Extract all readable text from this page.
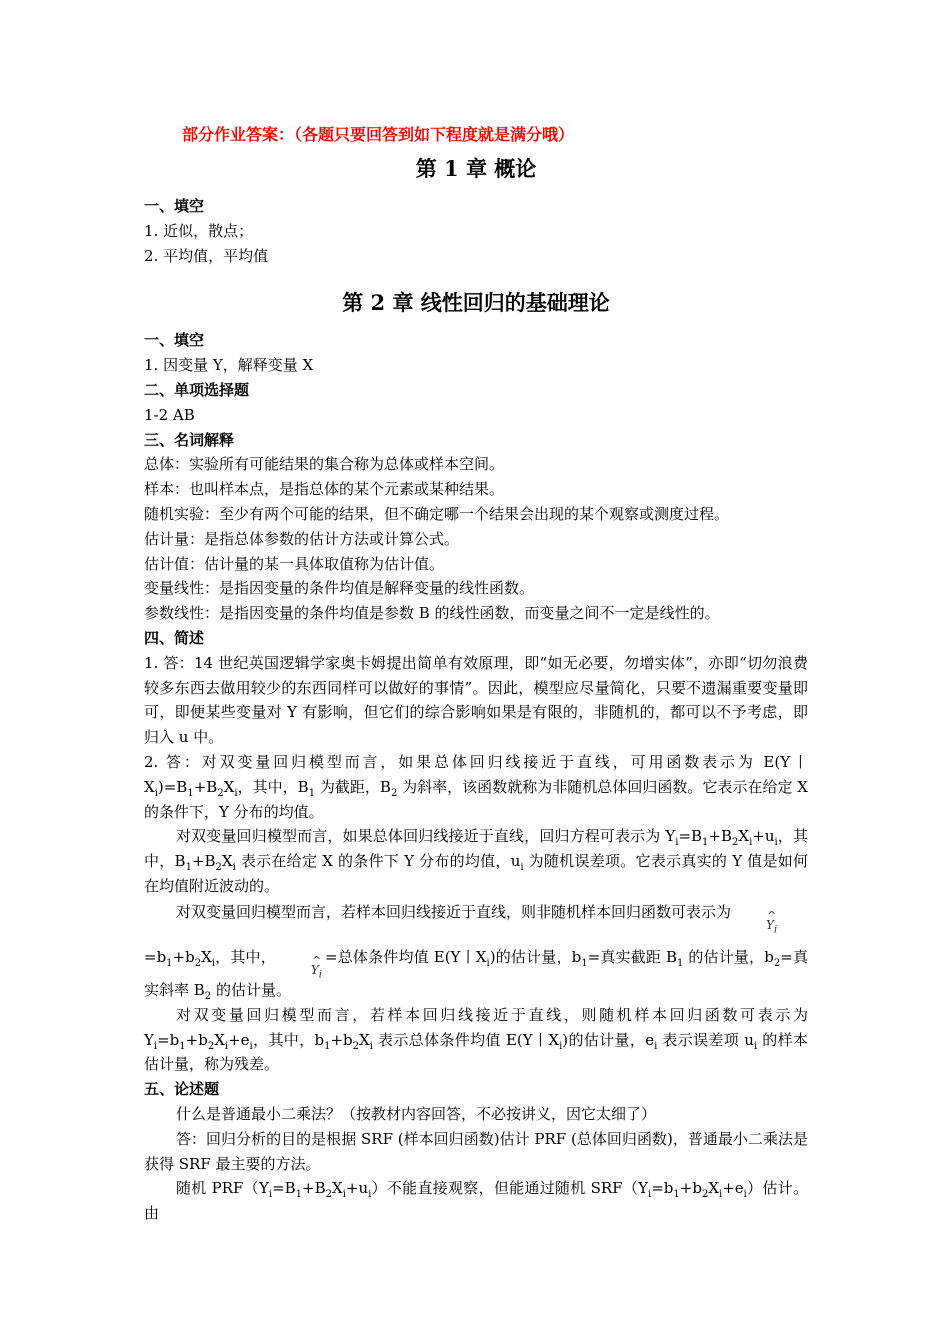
部分作业答案：（各题只要回答到如下程度就是满分哦）
第 1 章 概论

一、填空

1. 近似，散点；

2. 平均值，平均值

第 2 章 线性回归的基础理论

一、填空

1. 因变量 Y，解释变量 X

二、单项选择题

1-2 AB

三、名词解释

总体：实验所有可能结果的集合称为总体或样本空间。

样本：也叫样本点，是指总体的某个元素或某种结果。

随机实验：至少有两个可能的结果，但不确定哪一个结果会出现的某个观察或测度过程。

估计量：是指总体参数的估计方法或计算公式。

估计值：估计量的某一具体取值称为估计值。

变量线性：是指因变量的条件均值是解释变量的线性函数。

参数线性：是指因变量的条件均值是参数 B 的线性函数，而变量之间不一定是线性的。

四、简述

1. 答：14 世纪英国逻辑学家奥卡姆提出简单有效原理，即“如无必要，勿增实体”，亦即“切勿浪费较多东西去做用较少的东西同样可以做好的事情”。因此，模型应尽量简化，只要不遗漏重要变量即可，即便某些变量对 Y 有影响，但它们的综合影响如果是有限的，非随机的，都可以不予考虑，即归入 u 中。

2. 答：对双变量回归模型而言，如果总体回归线接近于直线，可用函数表示为 E(Y丨$X_i)=B_1+B_2X_i$，其中，$B_1$ 为截距，$B_2$ 为斜率，该函数就称为非随机总体回归函数。它表示在给定 X 的条件下，Y 分布的均值。

对双变量回归模型而言，如果总体回归线接近于直线，回归方程可表示为 $Y_i=B_1+B_2X_i+u_i$，其中，$B_1+B_2X_i$ 表示在给定 X 的条件下 Y 分布的均值，$u_i$ 为随机误差项。它表示真实的 Y 值是如何在均值附近波动的。

对双变量回归模型而言，若样本回归线接近于直线，则非随机样本回归函数可表示为^ $Y_i$
$=b_1+b_2X_i$，其中，^ $Y_i=$总体条件均值 E(Y丨$X_i$)的估计量，$b_1=$真实截距 $B_1$ 的估计量，$b_2=$真实斜率 $B_2$ 的估计量。

对双变量回归模型而言，若样本回归线接近于直线，则随机样本回归函数可表示为 $Y_i=b_1+b_2X_i+e_i$，其中，$b_1+b_2X_i$ 表示总体条件均值 E(Y丨$X_i$)的估计量，$e_i$ 表示误差项 $u_i$ 的样本估计量，称为残差。

五、论述题

什么是普通最小二乘法？（按教材内容回答，不必按讲义，因它太细了）

答：回归分析的目的是根据 SRF (样本回归函数)估计 PRF (总体回归函数)，普通最小二乘法是获得 SRF 最主要的方法。

随机 $PRF(Y_i=B_1+B_2X_i+u_i)$不能直接观察，但能通过随机 $SRF(Y_i=b_1+b_2X_i+e_i)$估计。由
